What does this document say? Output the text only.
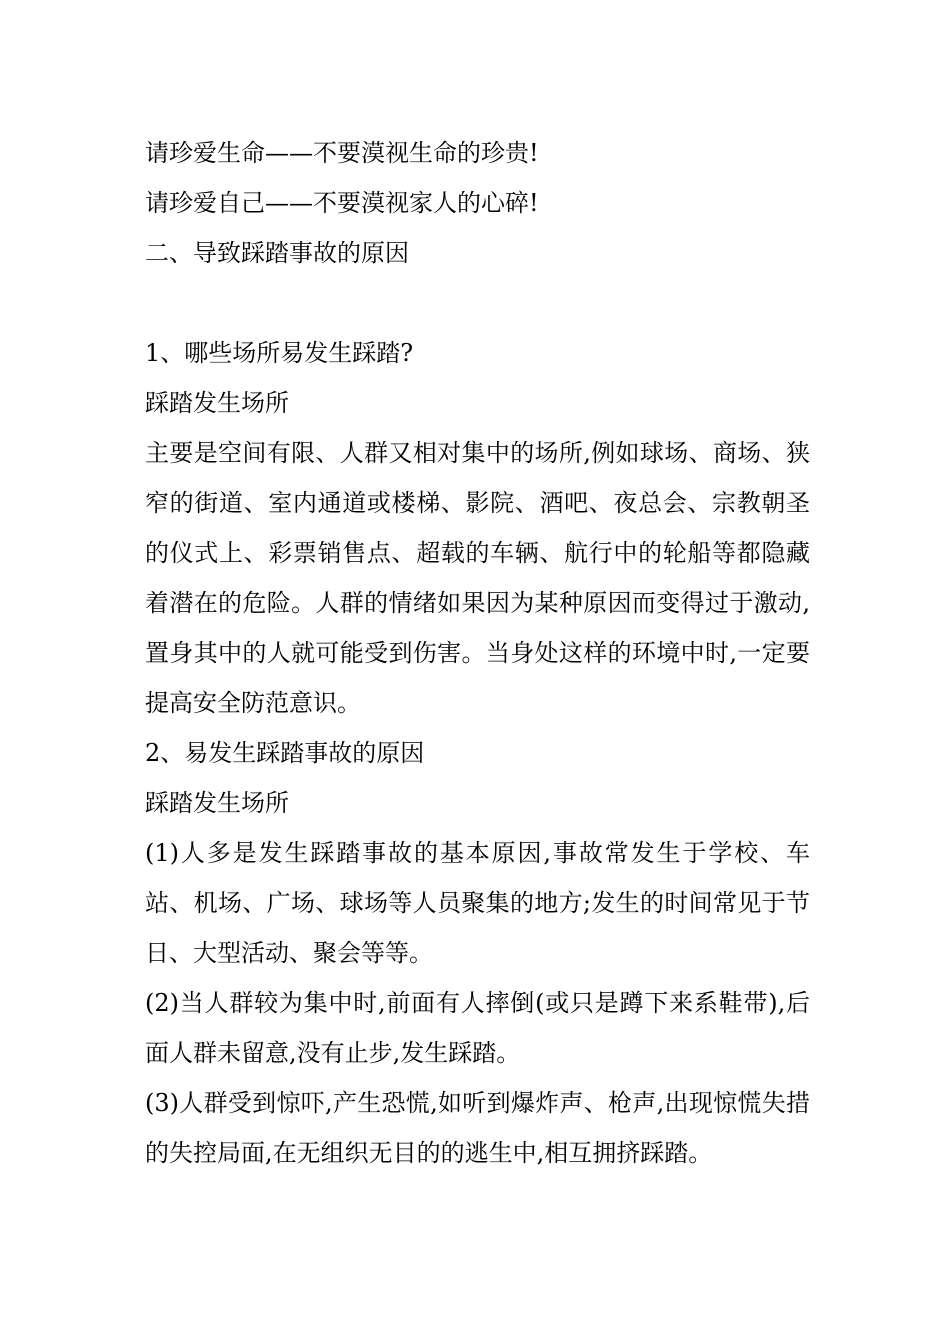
请珍爱生命——不要漠视生命的珍贵!

请珍爱自己——不要漠视家人的心碎!

二、导致踩踏事故的原因

1、哪些场所易发生踩踏?

踩踏发生场所

主要是空间有限、人群又相对集中的场所,例如球场、商场、狭窄的街道、室内通道或楼梯、影院、酒吧、夜总会、宗教朝圣的仪式上、彩票销售点、超载的车辆、航行中的轮船等都隐藏着潜在的危险。人群的情绪如果因为某种原因而变得过于激动,置身其中的人就可能受到伤害。当身处这样的环境中时,一定要提高安全防范意识。

2、易发生踩踏事故的原因

踩踏发生场所

(1)人多是发生踩踏事故的基本原因,事故常发生于学校、车站、机场、广场、球场等人员聚集的地方;发生的时间常见于节日、大型活动、聚会等等。

(2)当人群较为集中时,前面有人摔倒(或只是蹲下来系鞋带),后面人群未留意,没有止步,发生踩踏。

(3)人群受到惊吓,产生恐慌,如听到爆炸声、枪声,出现惊慌失措的失控局面,在无组织无目的的逃生中,相互拥挤踩踏。
